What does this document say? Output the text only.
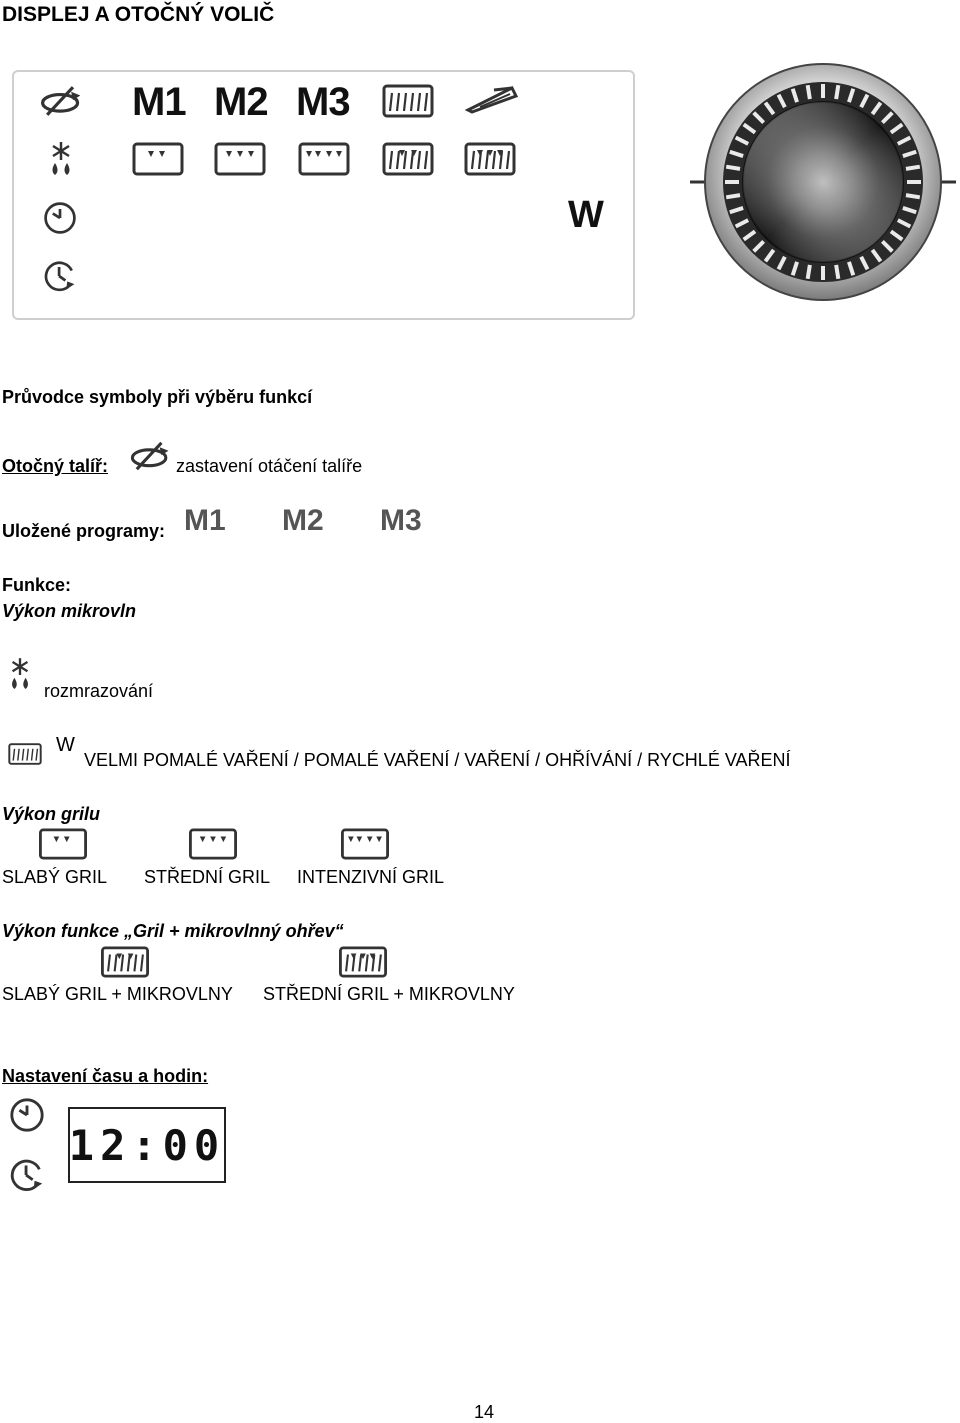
DISPLEJ A OTOČNÝ VOLIČ
M1 M2 M3
W
Průvodce symboly při výběru funkcí
Otočný talíř:	zastavení otáčení talíře
Uložené programy: M1 M2 M3
Funkce:
Výkon mikrovln
rozmrazování
W
VELMI POMALÉ VAŘENÍ / POMALÉ VAŘENÍ / VAŘENÍ / OHŘÍVÁNÍ / RYCHLÉ VAŘENÍ
Výkon grilu
SLABÝ GRIL STŘEDNÍ GRIL INTENZIVNÍ GRIL
Výkon funkce „Gril + mikrovlnný ohřev“
SLABÝ GRIL + MIKROVLNY STŘEDNÍ GRIL + MIKROVLNY
Nastavení času a hodin:
12:00
14
